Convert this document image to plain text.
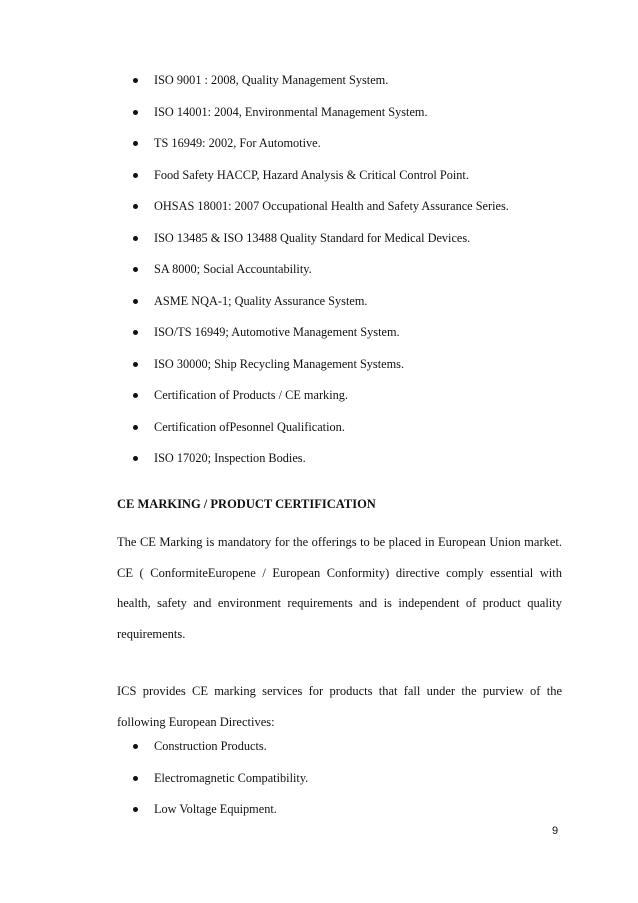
ISO 9001 : 2008, Quality Management System.
ISO 14001: 2004, Environmental Management System.
TS 16949: 2002, For Automotive.
Food Safety HACCP, Hazard Analysis & Critical Control Point.
OHSAS 18001: 2007 Occupational Health and Safety Assurance Series.
ISO 13485 & ISO 13488 Quality Standard for Medical Devices.
SA 8000; Social Accountability.
ASME NQA-1; Quality Assurance System.
ISO/TS 16949; Automotive Management System.
ISO 30000; Ship Recycling Management Systems.
Certification of Products / CE marking.
Certification ofPesonnel Qualification.
ISO 17020; Inspection Bodies.
CE MARKING / PRODUCT CERTIFICATION

The CE Marking is mandatory for the offerings to be placed in European Union market. CE ( ConformiteEuropene / European Conformity) directive comply essential with health, safety and environment requirements and is independent of product quality requirements.

ICS provides CE marking services for products that fall under the purview of the following European Directives:

Construction Products.
Electromagnetic Compatibility.
Low Voltage Equipment.
9
